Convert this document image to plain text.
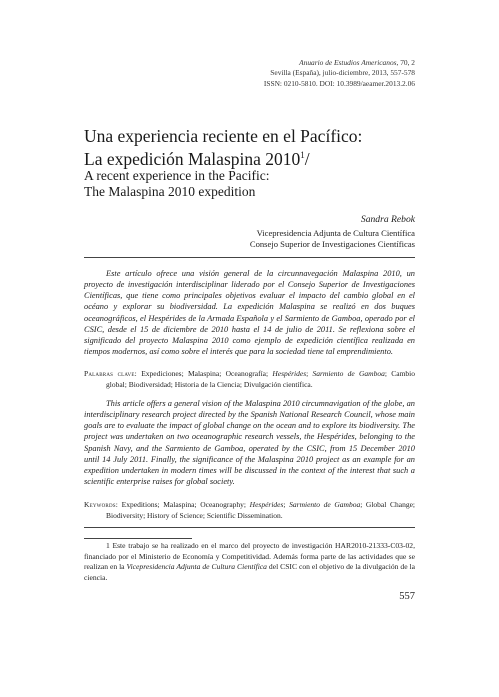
Anuario de Estudios Americanos, 70, 2
Sevilla (España), julio-diciembre, 2013, 557-578
ISSN: 0210-5810. DOI: 10.3989/aeamer.2013.2.06
Una experiencia reciente en el Pacífico:
La expedición Malaspina 2010$^1$/
A recent experience in the Pacific:
The Malaspina 2010 expedition
Sandra Rebok
Vicepresidencia Adjunta de Cultura Científica
Consejo Superior de Investigaciones Científicas

Este artículo ofrece una visión general de la circunnavegación Malaspina 2010, un proyecto de investigación interdisciplinar liderado por el Consejo Superior de Investigaciones Científicas, que tiene como principales objetivos evaluar el impacto del cambio global en el océano y explorar su biodiversidad. La expedición Malaspina se realizó en dos buques oceanográficos, el Hespérides de la Armada Española y el Sarmiento de Gamboa, operado por el CSIC, desde el 15 de diciembre de 2010 hasta el 14 de julio de 2011. Se reflexiona sobre el significado del proyecto Malaspina 2010 como ejemplo de expedición científica realizada en tiempos modernos, así como sobre el interés que para la sociedad tiene tal emprendimiento.

Palabras clave: Expediciones; Malaspina; Oceanografía; Hespérides; Sarmiento de Gamboa; Cambio global; Biodiversidad; Historia de la Ciencia; Divulgación científica.

This article offers a general vision of the Malaspina 2010 circumnavigation of the globe, an interdisciplinary research project directed by the Spanish National Research Council, whose main goals are to evaluate the impact of global change on the ocean and to explore its biodiversity. The project was undertaken on two oceanographic research vessels, the Hespérides, belonging to the Spanish Navy, and the Sarmiento de Gamboa, operated by the CSIC, from 15 December 2010 until 14 July 2011. Finally, the significance of the Malaspina 2010 project as an example for an expedition undertaken in modern times will be discussed in the context of the interest that such a scientific enterprise raises for global society.

Keywords: Expeditions; Malaspina; Oceanography; Hespérides; Sarmiento de Gamboa; Global Change; Biodiversity; History of Science; Scientific Dissemination.
1 Este trabajo se ha realizado en el marco del proyecto de investigación HAR2010-21333-C03-02, financiado por el Ministerio de Economía y Competitividad. Además forma parte de las actividades que se realizan en la Vicepresidencia Adjunta de Cultura Científica del CSIC con el objetivo de la divulgación de la ciencia.
557
